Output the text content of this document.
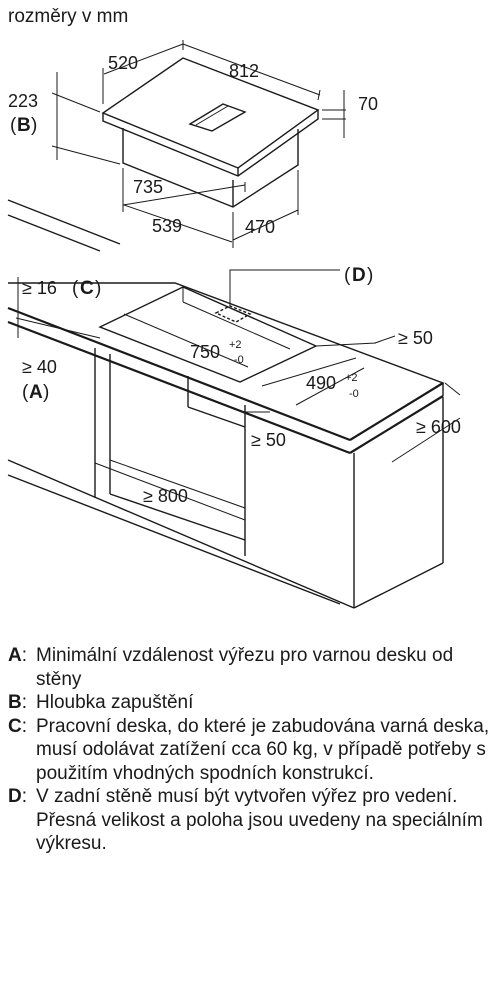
rozměry v mm
520	812
223
( B )
70
735
539	470
≥ 16 ( C )
≥ 40
( A )
( D )
750 +2
-0
490 +2
-0
≥ 50
≥ 50
≥ 600
≥ 800
A: Minimální vzdálenost výřezu pro varnou desku od stěny
B: Hloubka zapuštění
C: Pracovní deska, do které je zabudována varná deska, musí odolávat zatížení cca 60 kg, v případě potřeby s použitím vhodných spodních konstrukcí.
D: V zadní stěně musí být vytvořen výřez pro vedení. Přesná velikost a poloha jsou uvedeny na speciálním výkresu.
